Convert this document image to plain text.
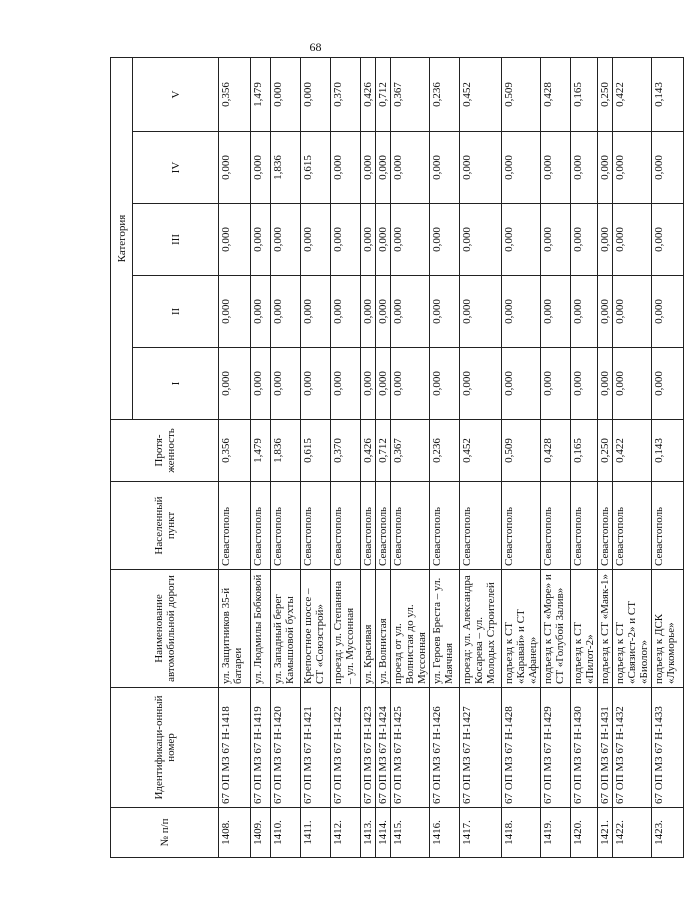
68
№ п/п	Идентификаци-онный номер	Наименование автомобильной дороги	Населенный пункт	Протя-женность	Категория				
					I	II	III	IV	V
1408.	67 ОП МЗ 67 Н-1418	ул. Защитников 35-й батареи	Севастополь	0,356	0,000	0,000	0,000	0,000	0,356
1409.	67 ОП МЗ 67 Н-1419	ул. Людмилы Бобковой	Севастополь	1,479	0,000	0,000	0,000	0,000	1,479
1410.	67 ОП МЗ 67 Н-1420	ул. Западный берег Камышовой бухты	Севастополь	1,836	0,000	0,000	0,000	1,836	0,000
1411.	67 ОП МЗ 67 Н-1421	Крепостное шоссе – СТ «Союзстрой»	Севастополь	0,615	0,000	0,000	0,000	0,615	0,000
1412.	67 ОП МЗ 67 Н-1422	проезд: ул. Степаняна – ул. Муссонная	Севастополь	0,370	0,000	0,000	0,000	0,000	0,370
1413.	67 ОП МЗ 67 Н-1423	ул. Красивая	Севастополь	0,426	0,000	0,000	0,000	0,000	0,426
1414.	67 ОП МЗ 67 Н-1424	ул. Волнистая	Севастополь	0,712	0,000	0,000	0,000	0,000	0,712
1415.	67 ОП МЗ 67 Н-1425	проезд от ул. Волнистая до ул. Муссонная	Севастополь	0,367	0,000	0,000	0,000	0,000	0,367
1416.	67 ОП МЗ 67 Н-1426	ул. Героев Бреста – ул. Маячная	Севастополь	0,236	0,000	0,000	0,000	0,000	0,236
1417.	67 ОП МЗ 67 Н-1427	проезд: ул. Александра Косарева – ул. Молодых Строителей	Севастополь	0,452	0,000	0,000	0,000	0,000	0,452
1418.	67 ОП МЗ 67 Н-1428	подъезд к СТ «Каравай» и СТ «Афанец»	Севастополь	0,509	0,000	0,000	0,000	0,000	0,509
1419.	67 ОП МЗ 67 Н-1429	подъезд к СТ «Море» и СТ «Голубой Залив»	Севастополь	0,428	0,000	0,000	0,000	0,000	0,428
1420.	67 ОП МЗ 67 Н-1430	подъезд к СТ «Пилот-2»	Севастополь	0,165	0,000	0,000	0,000	0,000	0,165
1421.	67 ОП МЗ 67 Н-1431	подъезд к СТ «Маяк-1»	Севастополь	0,250	0,000	0,000	0,000	0,000	0,250
1422.	67 ОП МЗ 67 Н-1432	подъезд к СТ «Связист-2» и СТ «Биолог»	Севастополь	0,422	0,000	0,000	0,000	0,000	0,422
1423.	67 ОП МЗ 67 Н-1433	подъезд к ДСК «Лукоморье»	Севастополь	0,143	0,000	0,000	0,000	0,000	0,143
